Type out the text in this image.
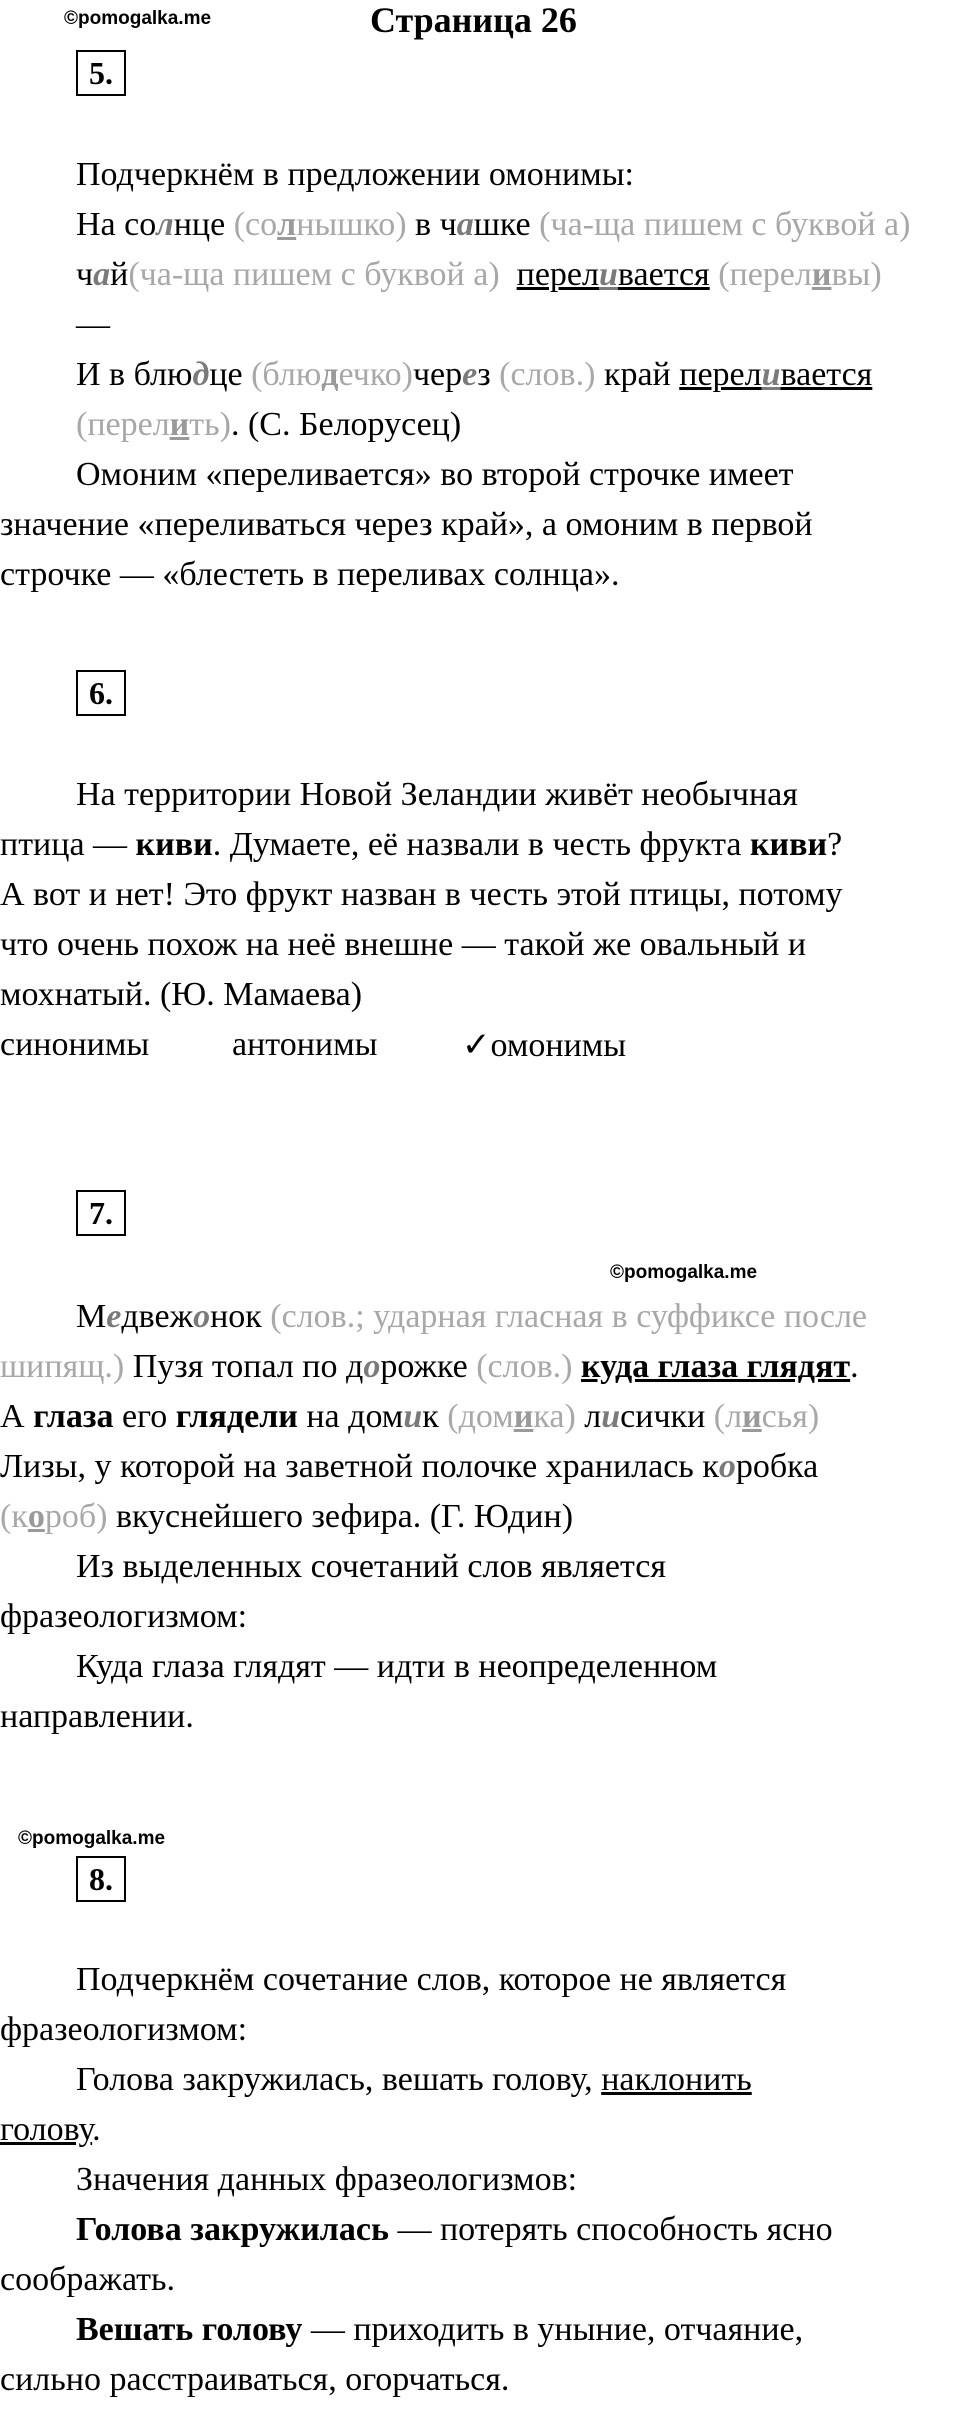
©pomogalka.me	Страница 26
5.
Подчеркнём в предложении омонимы:
На солнце (солнышко) в чашке (ча-ща пишем с буквой а)
чай(ча-ща пишем с буквой а) переливается (переливы)
—
И в блюдце (блюдечко)через (слов.) край переливается
(перелить). (С. Белорусец)
Омоним «переливается» во второй строчке имеет
значение «переливаться через край», а омоним в первой
строчке — «блестеть в переливах солнца».
6.
На территории Новой Зеландии живёт необычная
птица — киви. Думаете, её назвали в честь фрукта киви?
А вот и нет! Это фрукт назван в честь этой птицы, потому
что очень похож на неё внешне — такой же овальный и
мохнатый. (Ю. Мамаева)
синонимы антонимы ✓омонимы
7.
©pomogalka.me
Медвежонок (слов.; ударная гласная в суффиксе после
шипящ.) Пузя топал по дорожке (слов.) куда глаза глядят.
А глаза его глядели на домик (домика) лисички (лисья)
Лизы, у которой на заветной полочке хранилась коробка
(короб) вкуснейшего зефира. (Г. Юдин)
Из выделенных сочетаний слов является
фразеологизмом:
Куда глаза глядят — идти в неопределенном
направлении.
©pomogalka.me
8.
Подчеркнём сочетание слов, которое не является
фразеологизмом:
Голова закружилась, вешать голову, наклонить
голову.
Значения данных фразеологизмов:
Голова закружилась — потерять способность ясно
соображать.
Вешать голову — приходить в уныние, отчаяние,
сильно расстраиваться, огорчаться.
